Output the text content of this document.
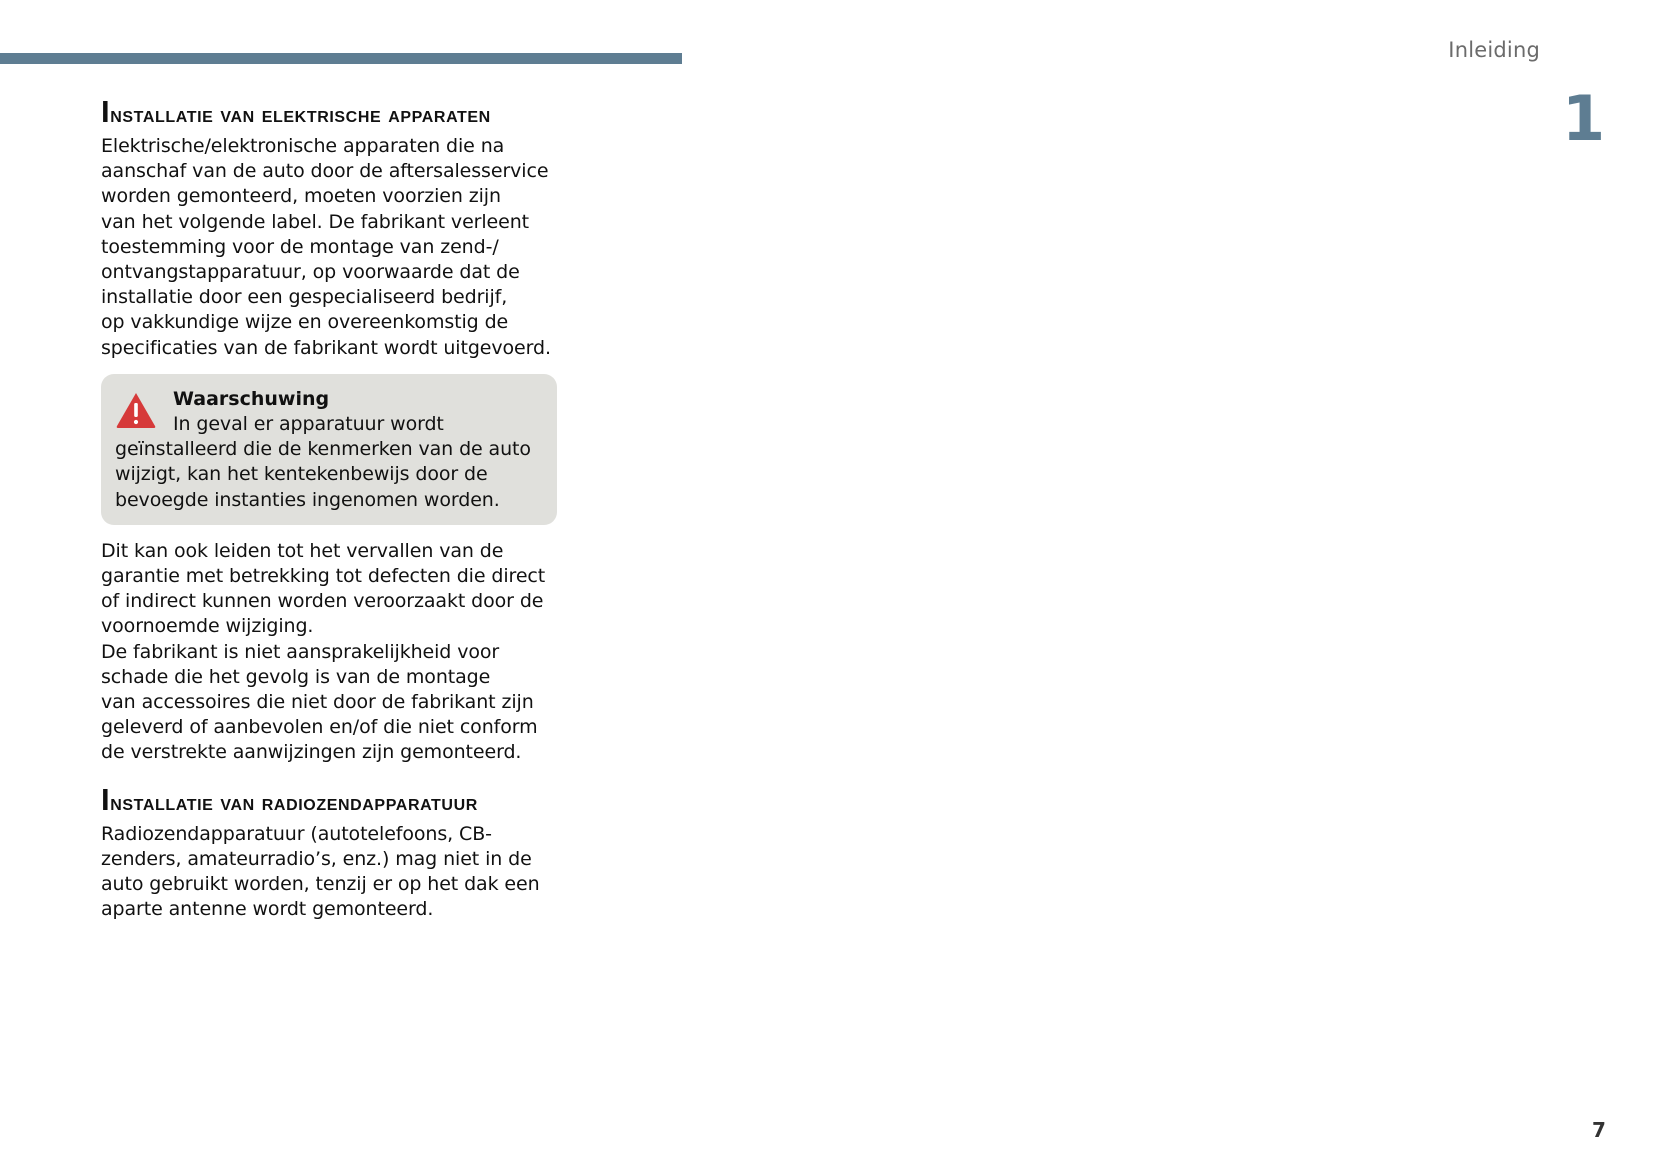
Inleiding
1
Installatie van elektrische apparaten

Elektrische/elektronische apparaten die na
aanschaf van de auto door de aftersalesservice
worden gemonteerd, moeten voorzien zijn
van het volgende label. De fabrikant verleent
toestemming voor de montage van zend-/
ontvangstapparatuur, op voorwaarde dat de
installatie door een gespecialiseerd bedrijf,
op vakkundige wijze en overeenkomstig de
specificaties van de fabrikant wordt uitgevoerd.

Waarschuwing

In geval er apparatuur wordt
geïnstalleerd die de kenmerken van de auto
wijzigt, kan het kentekenbewijs door de
bevoegde instanties ingenomen worden.

Dit kan ook leiden tot het vervallen van de
garantie met betrekking tot defecten die direct
of indirect kunnen worden veroorzaakt door de
voornoemde wijziging.
De fabrikant is niet aansprakelijkheid voor
schade die het gevolg is van de montage
van accessoires die niet door de fabrikant zijn
geleverd of aanbevolen en/of die niet conform
de verstrekte aanwijzingen zijn gemonteerd.

Installatie van radiozendapparatuur

Radiozendapparatuur (autotelefoons, CB-
zenders, amateurradio’s, enz.) mag niet in de
auto gebruikt worden, tenzij er op het dak een
aparte antenne wordt gemonteerd.

7
